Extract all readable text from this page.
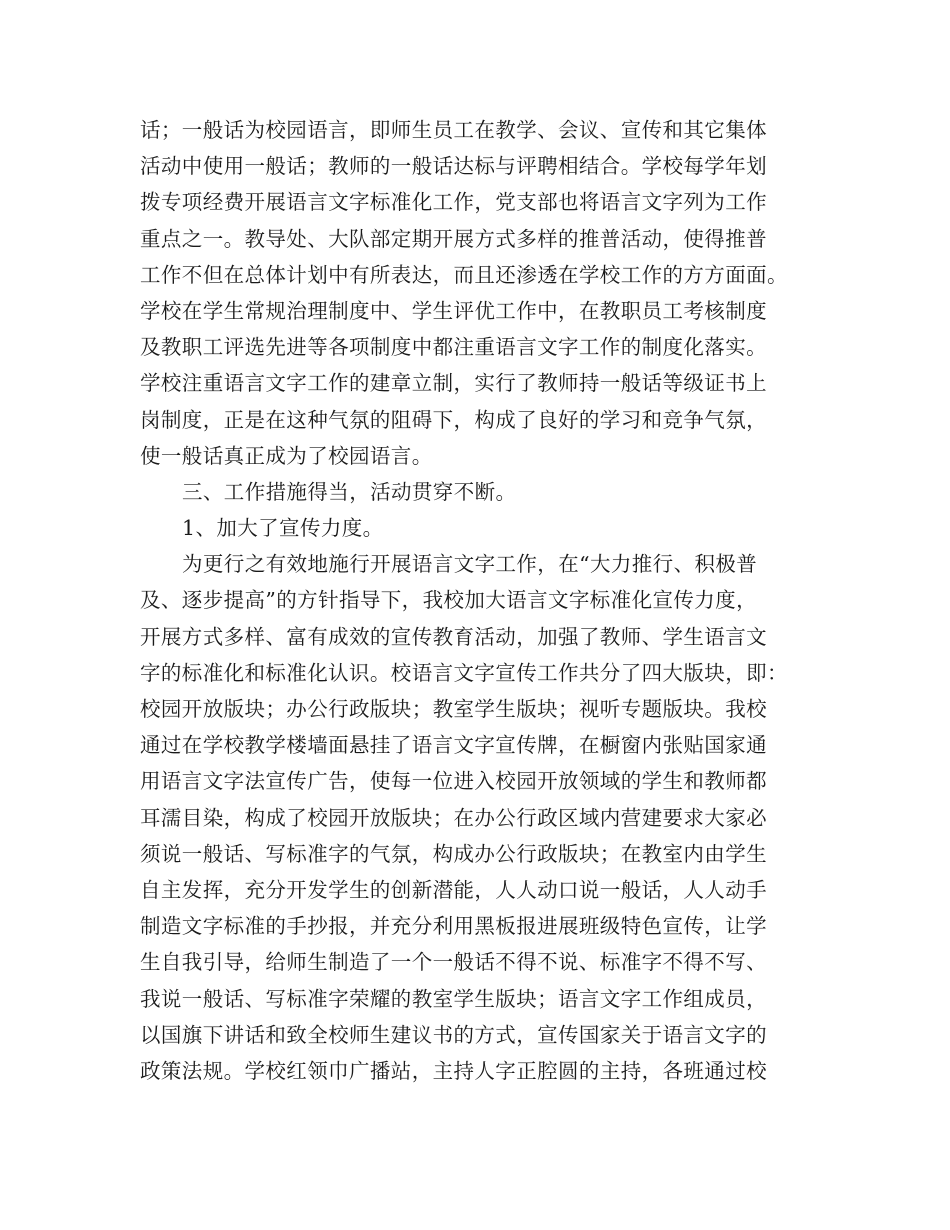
话；一般话为校园语言，即师生员工在教学、会议、宣传和其它集体
活动中使用一般话；教师的一般话达标与评聘相结合。学校每学年划
拨专项经费开展语言文字标准化工作，党支部也将语言文字列为工作
重点之一。教导处、大队部定期开展方式多样的推普活动，使得推普
工作不但在总体计划中有所表达，而且还渗透在学校工作的方方面面。
学校在学生常规治理制度中、学生评优工作中，在教职员工考核制度
及教职工评选先进等各项制度中都注重语言文字工作的制度化落实。
学校注重语言文字工作的建章立制，实行了教师持一般话等级证书上
岗制度，正是在这种气氛的阻碍下，构成了良好的学习和竞争气氛，
使一般话真正成为了校园语言。
三、工作措施得当，活动贯穿不断。
1、加大了宣传力度。
为更行之有效地施行开展语言文字工作，在“大力推行、积极普
及、逐步提高”的方针指导下，我校加大语言文字标准化宣传力度，
开展方式多样、富有成效的宣传教育活动，加强了教师、学生语言文
字的标准化和标准化认识。校语言文字宣传工作共分了四大版块，即：
校园开放版块；办公行政版块；教室学生版块；视听专题版块。我校
通过在学校教学楼墙面悬挂了语言文字宣传牌，在橱窗内张贴国家通
用语言文字法宣传广告，使每一位进入校园开放领域的学生和教师都
耳濡目染，构成了校园开放版块；在办公行政区域内营建要求大家必
须说一般话、写标准字的气氛，构成办公行政版块；在教室内由学生
自主发挥，充分开发学生的创新潜能，人人动口说一般话，人人动手
制造文字标准的手抄报，并充分利用黑板报进展班级特色宣传，让学
生自我引导，给师生制造了一个一般话不得不说、标准字不得不写、
我说一般话、写标准字荣耀的教室学生版块；语言文字工作组成员，
以国旗下讲话和致全校师生建议书的方式，宣传国家关于语言文字的
政策法规。学校红领巾广播站，主持人字正腔圆的主持，各班通过校
